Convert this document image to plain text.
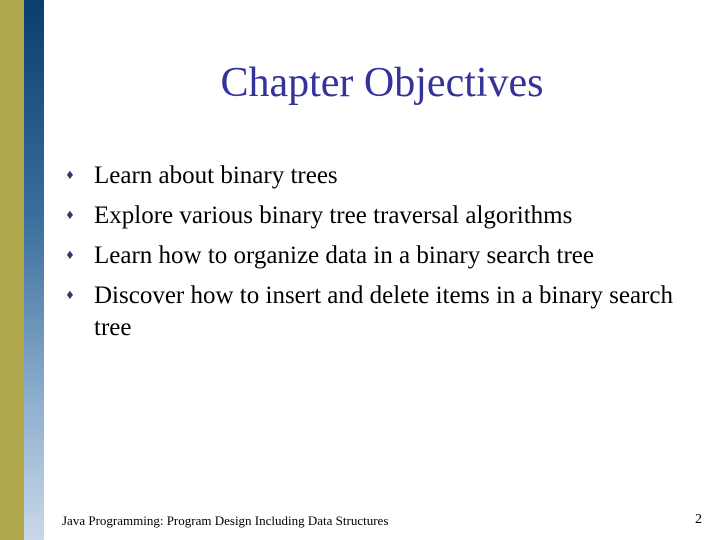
Chapter Objectives
♦ Learn about binary trees
♦ Explore various binary tree traversal algorithms
♦ Learn how to organize data in a binary search tree
♦ Discover how to insert and delete items in a binary search tree
Java Programming: Program Design Including Data Structures	2
